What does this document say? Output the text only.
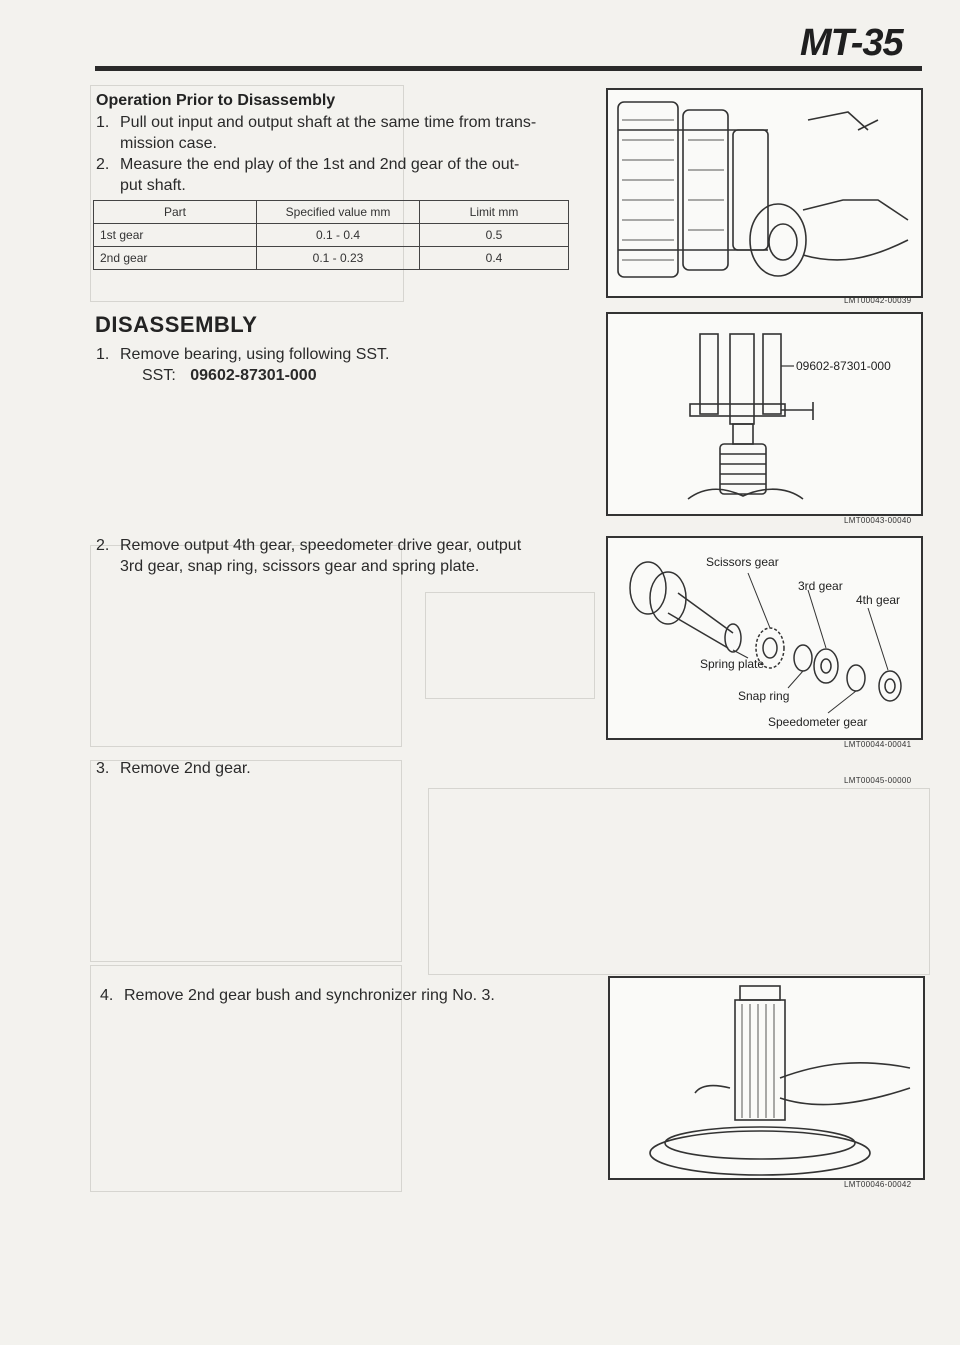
MT-35
Operation Prior to Disassembly
1. Pull out input and output shaft at the same time from trans-
mission case.
2. Measure the end play of the 1st and 2nd gear of the out-
put shaft.
Part	Specified value mm	Limit mm
1st gear	0.1 - 0.4	0.5
2nd gear	0.1 - 0.23	0.4
DISASSEMBLY
1. Remove bearing, using following SST.
SST: 09602-87301-000
2. Remove output 4th gear, speedometer drive gear, output
3rd gear, snap ring, scissors gear and spring plate.
3. Remove 2nd gear.
4. Remove 2nd gear bush and synchronizer ring No. 3.
LMT00042-00039
09602-87301-000
LMT00043-00040
Scissors gear
3rd gear
4th gear
Spring plate
Snap ring
Speedometer gear
LMT00044-00041
LMT00045-00000
LMT00046-00042
